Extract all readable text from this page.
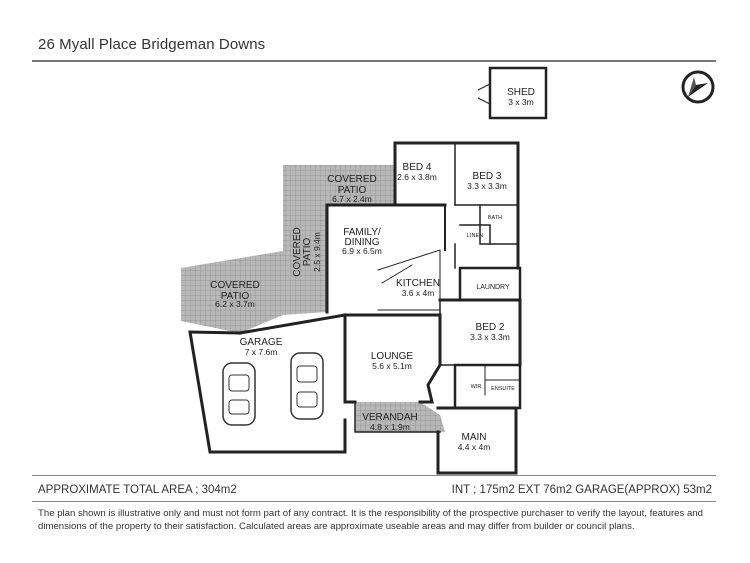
26 Myall Place Bridgeman Downs
SHED
3 x 3m
BED 4
2.6 x 3.8m	BED 3
3.3 x 3.3m
COVERED PATIO
6.7 x 2.4m
COVERED PATIO 2.5 x 9.4m
COVERED PATIO
6.2 x 3.7m
FAMILY/ DINING
6.9 x 6.5m
KITCHEN
3.6 x 4m
BATH
LINEN
LAUNDRY
BED 2
3.3 x 3.3m
GARAGE
7 x 7.6m	LOUNGE
5.6 x 5.1m
WIR ENSUITE
VERANDAH
4.8 x 1.9m
MAIN
4.4 x 4m
APPROXIMATE TOTAL AREA ; 304m2	INT ; 175m2 EXT 76m2 GARAGE(APPROX) 53m2
The plan shown is illustrative only and must not form part of any contract. It is the responsibility of the prospective purchaser to verify the layout, features and dimensions of the property to their satisfaction. Calculated areas are approximate useable areas and may differ from builder or council plans.
